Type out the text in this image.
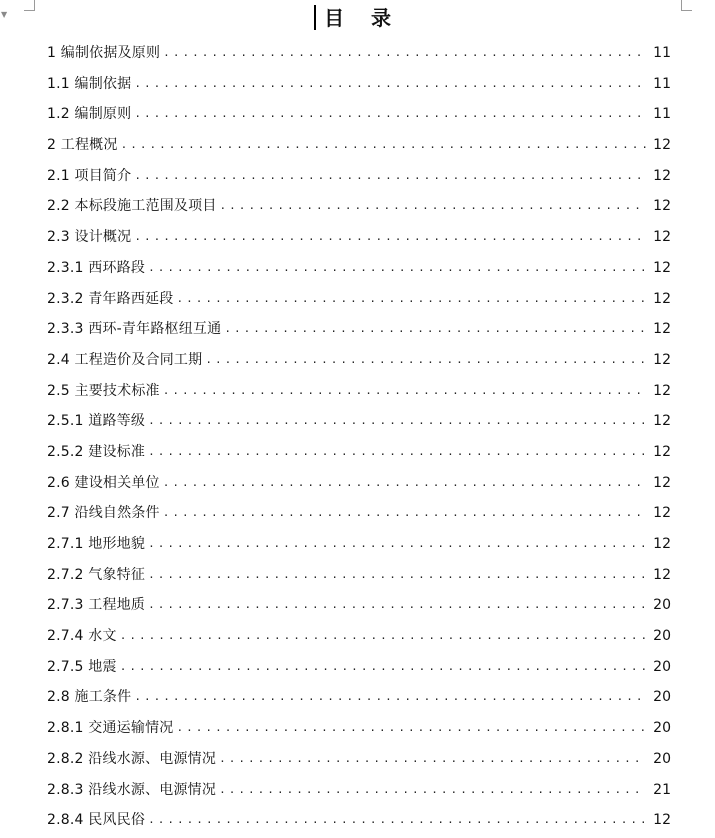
▼	目 录
1 编制依据及原则 . . .	11
1.1 编制依据 . . .	11
1.2 编制原则 . . .	11
2 工程概况 . . .	12
2.1 项目简介 . . .	12
2.2 本标段施工范围及项目 . . .	12
2.3 设计概况 . . .	12
2.3.1 西环路段 . . .	12
2.3.2 青年路西延段 . . .	12
2.3.3 西环-青年路枢纽互通 . . .	12
2.4 工程造价及合同工期 . . .	12
2.5 主要技术标准 . . .	12
2.5.1 道路等级 . . .	12
2.5.2 建设标准 . . .	12
2.6 建设相关单位 . . .	12
2.7 沿线自然条件 . . .	12
2.7.1 地形地貌 . . .	12
2.7.2 气象特征 . . .	12
2.7.3 工程地质 . . .	20
2.7.4 水文 . . .	20
2.7.5 地震 . . .	20
2.8 施工条件 . . .	20
2.8.1 交通运输情况 . . .	20
2.8.2 沿线水源、电源情况 . . .	20
2.8.3 沿线水源、电源情况 . . .	21
2.8.4 民风民俗 . . .	12
